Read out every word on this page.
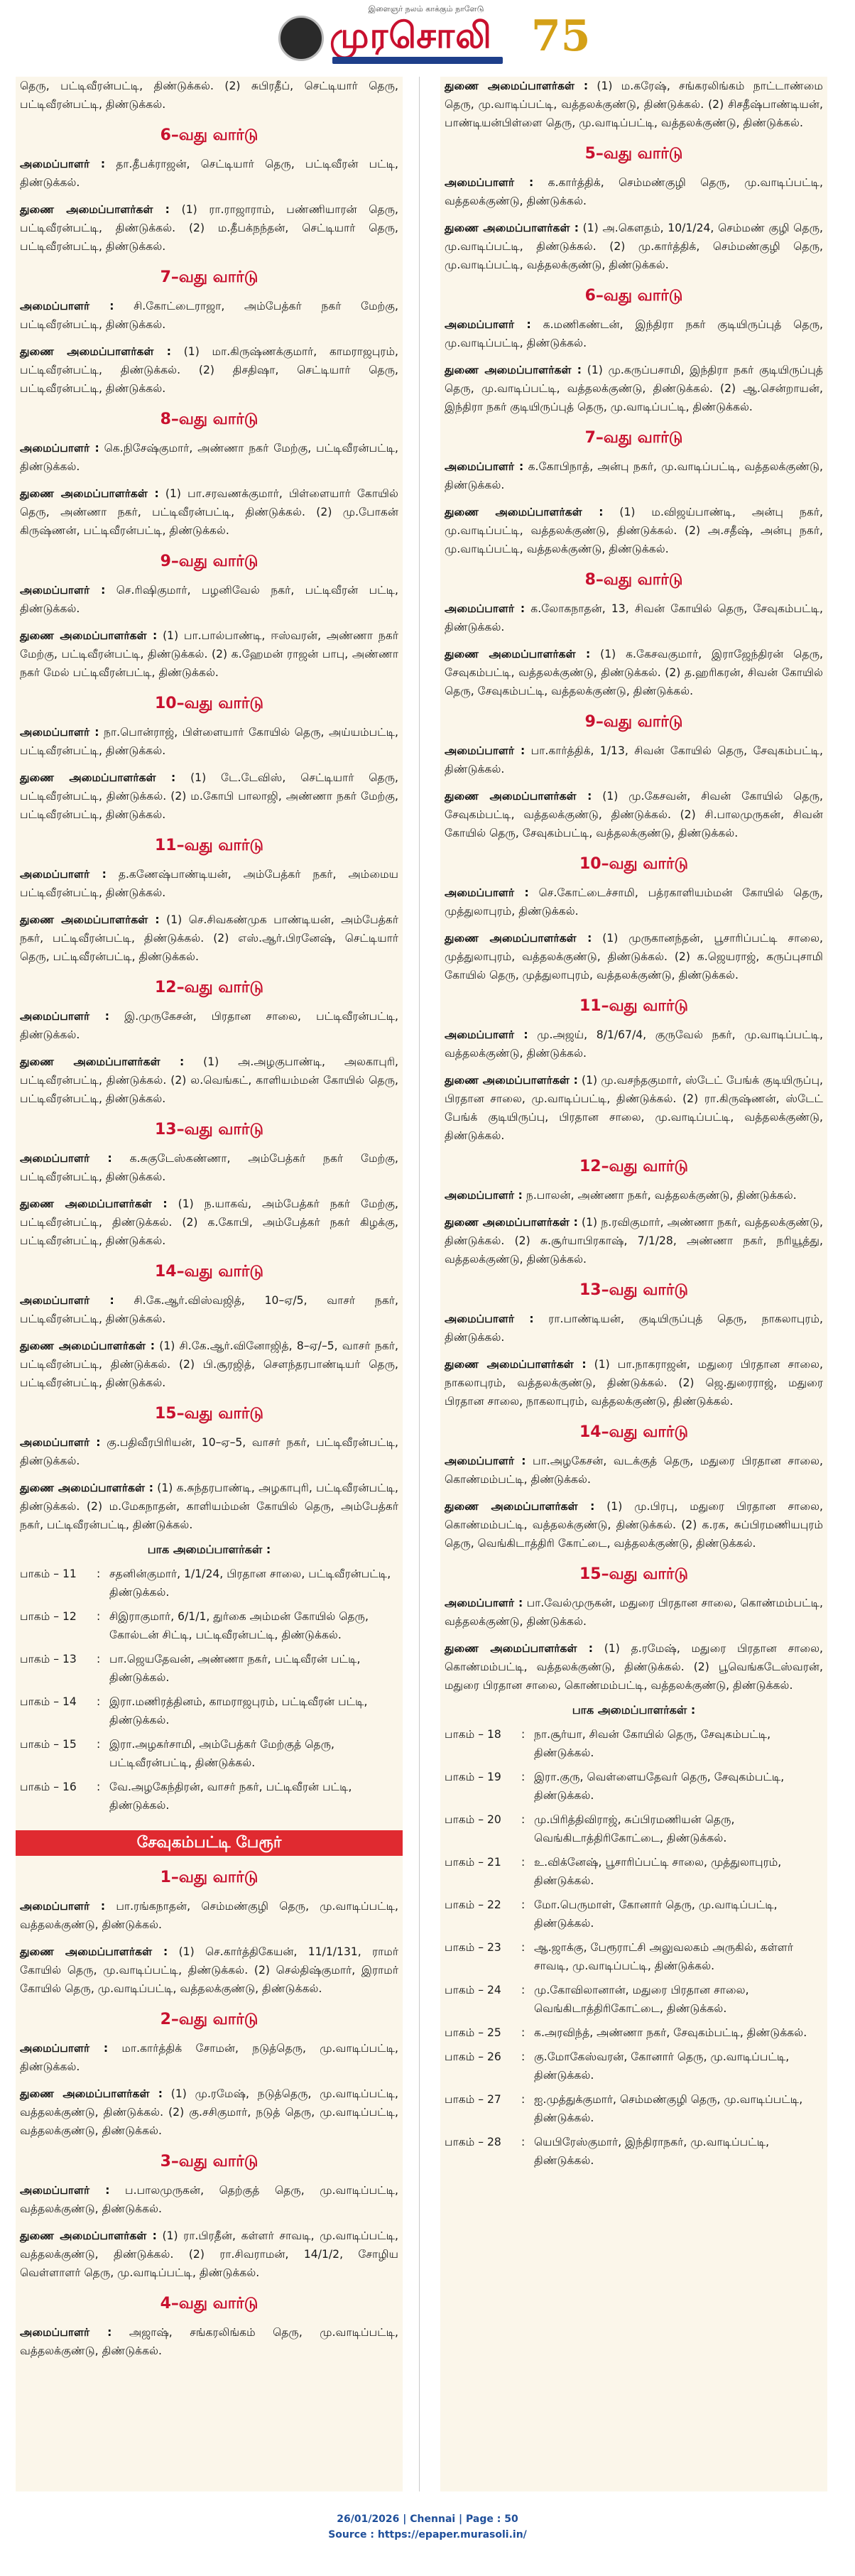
இளைஞர் நலம் காக்கும் நாளேடு
முரசொலி 75

தெரு, பட்டிவீரன்பட்டி, திண்டுக்கல். (2) சுபிரதீப், செட்டியார் தெரு, பட்டிவீரன்பட்டி, திண்டுக்கல்.

6–வது வார்டு

அமைப்பாளர் : தா.தீபக்ராஜன், செட்டியார் தெரு, பட்டிவீரன் பட்டி, திண்டுக்கல்.

துணை அமைப்பாளர்கள் : (1) ரா.ராஜாராம், பண்ணியாரன் தெரு, பட்டிவீரன்பட்டி, திண்டுக்கல். (2) ம.தீபக்நந்தன், செட்டியார் தெரு, பட்டிவீரன்பட்டி, திண்டுக்கல்.

7–வது வார்டு

அமைப்பாளர் : சி.கோட்டைராஜா, அம்பேத்கர் நகர் மேற்கு, பட்டிவீரன்பட்டி, திண்டுக்கல்.

துணை அமைப்பாளர்கள் : (1) மா.கிருஷ்ணக்குமார், காமராஜபுரம், பட்டிவீரன்பட்டி, திண்டுக்கல். (2) திசதிஷா, செட்டியார் தெரு, பட்டிவீரன்பட்டி, திண்டுக்கல்.

8–வது வார்டு

அமைப்பாளர் : கெ.நிசேஷ்குமார், அண்ணா நகர் மேற்கு, பட்டிவீரன்பட்டி, திண்டுக்கல்.

துணை அமைப்பாளர்கள் : (1) பா.சரவணக்குமார், பிள்ளையார் கோயில் தெரு, அண்ணா நகர், பட்டிவீரன்பட்டி, திண்டுக்கல். (2) மு.போகன் கிருஷ்ணன், பட்டிவீரன்பட்டி, திண்டுக்கல்.

9–வது வார்டு

அமைப்பாளர் : செ.ரிஷிகுமார், பழனிவேல் நகர், பட்டிவீரன் பட்டி, திண்டுக்கல்.

துணை அமைப்பாளர்கள் : (1) பா.பால்பாண்டி, ஈஸ்வரன், அண்ணா நகர் மேற்கு, பட்டிவீரன்பட்டி, திண்டுக்கல். (2) க.ஹேமன் ராஜன் பாபு, அண்ணா நகர் மேல் பட்டிவீரன்பட்டி, திண்டுக்கல்.

10–வது வார்டு

அமைப்பாளர் : நா.பொன்ராஜ், பிள்ளையார் கோயில் தெரு, அய்யம்பட்டி, பட்டிவீரன்பட்டி, திண்டுக்கல்.

துணை அமைப்பாளர்கள் : (1) டே.டேவிஸ், செட்டியார் தெரு, பட்டிவீரன்பட்டி, திண்டுக்கல். (2) ம.கோபி பாலாஜி, அண்ணா நகர் மேற்கு, பட்டிவீரன்பட்டி, திண்டுக்கல்.

11–வது வார்டு

அமைப்பாளர் : த.கணேஷ்பாண்டியன், அம்பேத்கர் நகர், அம்மைய பட்டிவீரன்பட்டி, திண்டுக்கல்.

துணை அமைப்பாளர்கள் : (1) செ.சிவகண்முக பாண்டியன், அம்பேத்கர் நகர், பட்டிவீரன்பட்டி, திண்டுக்கல். (2) எஸ்.ஆர்.பிரனேஷ், செட்டியார் தெரு, பட்டிவீரன்பட்டி, திண்டுக்கல்.

12–வது வார்டு

அமைப்பாளர் : இ.முருகேசன், பிரதான சாலை, பட்டிவீரன்பட்டி, திண்டுக்கல்.

துணை அமைப்பாளர்கள் : (1) அ.அழகுபாண்டி, அலகாபுரி, பட்டிவீரன்பட்டி, திண்டுக்கல். (2) ல.வெங்கட், காளியம்மன் கோயில் தெரு, பட்டிவீரன்பட்டி, திண்டுக்கல்.

13–வது வார்டு

அமைப்பாளர் : க.சுகுடேஸ்கண்ணா, அம்பேத்கர் நகர் மேற்கு, பட்டிவீரன்பட்டி, திண்டுக்கல்.

துணை அமைப்பாளர்கள் : (1) ந.யாகவ், அம்பேத்கர் நகர் மேற்கு, பட்டிவீரன்பட்டி, திண்டுக்கல். (2) க.கோபி, அம்பேத்கர் நகர் கிழக்கு, பட்டிவீரன்பட்டி, திண்டுக்கல்.

14–வது வார்டு

அமைப்பாளர் : சி.கே.ஆர்.விஸ்வஜித், 10–ஏ/5, வாசர் நகர், பட்டிவீரன்பட்டி, திண்டுக்கல்.

துணை அமைப்பாளர்கள் : (1) சி.கே.ஆர்.வினோஜித், 8–ஏ/–5, வாசர் நகர், பட்டிவீரன்பட்டி, திண்டுக்கல். (2) பி.சூரஜித், சௌந்தரபாண்டியர் தெரு, பட்டிவீரன்பட்டி, திண்டுக்கல்.

15–வது வார்டு

அமைப்பாளர் : கு.பதிவீரபிரியன், 10–ஏ–5, வாசர் நகர், பட்டிவீரன்பட்டி, திண்டுக்கல்.

துணை அமைப்பாளர்கள் : (1) க.சுந்தரபாண்டி, அழகாபுரி, பட்டிவீரன்பட்டி, திண்டுக்கல். (2) ம.மேகநாதன், காளியம்மன் கோயில் தெரு, அம்பேத்கர் நகர், பட்டிவீரன்பட்டி, திண்டுக்கல்.

பாக அமைப்பாளர்கள் :
பாகம் – 11	:	சதனின்குமார், 1/1/24, பிரதான சாலை, பட்டிவீரன்பட்டி, திண்டுக்கல்.
பாகம் – 12	:	சிஇராகுமார், 6/1/1, துர்கை அம்மன் கோயில் தெரு, கோல்டன் சிட்டி, பட்டிவீரன்பட்டி, திண்டுக்கல்.
பாகம் – 13	:	பா.ஜெயதேவன், அண்ணா நகர், பட்டிவீரன் பட்டி, திண்டுக்கல்.
பாகம் – 14	:	இரா.மணிரத்தினம், காமராஜபுரம், பட்டிவீரன் பட்டி, திண்டுக்கல்.
பாகம் – 15	:	இரா.அழகர்சாமி, அம்பேத்கர் மேற்குத் தெரு, பட்டிவீரன்பட்டி, திண்டுக்கல்.
பாகம் – 16	:	வே.அழகேந்திரன், வாசர் நகர், பட்டிவீரன் பட்டி, திண்டுக்கல்.
சேவுகம்பட்டி பேரூர்
1–வது வார்டு

அமைப்பாளர் : பா.ரங்கநாதன், செம்மண்குழி தெரு, மு.வாடிப்பட்டி, வத்தலக்குண்டு, திண்டுக்கல்.

துணை அமைப்பாளர்கள் : (1) செ.கார்த்திகேயன், 11/1/131, ராமர் கோயில் தெரு, மு.வாடிப்பட்டி, திண்டுக்கல். (2) செல்திஷ்குமார், இராமர் கோயில் தெரு, மு.வாடிப்பட்டி, வத்தலக்குண்டு, திண்டுக்கல்.

2–வது வார்டு

அமைப்பாளர் : மா.கார்த்திக் சோமன், நடுத்தெரு, மு.வாடிப்பட்டி, திண்டுக்கல்.

துணை அமைப்பாளர்கள் : (1) மு.ரமேஷ், நடுத்தெரு, மு.வாடிப்பட்டி, வத்தலக்குண்டு, திண்டுக்கல். (2) கு.சசிகுமார், நடுத் தெரு, மு.வாடிப்பட்டி, வத்தலக்குண்டு, திண்டுக்கல்.

3–வது வார்டு

அமைப்பாளர் : ப.பாலமுருகன், தெற்குத் தெரு, மு.வாடிப்பட்டி, வத்தலக்குண்டு, திண்டுக்கல்.

துணை அமைப்பாளர்கள் : (1) ரா.பிரதீன், கள்ளர் சாவடி, மு.வாடிப்பட்டி, வத்தலக்குண்டு, திண்டுக்கல். (2) ரா.சிவராமன், 14/1/2, சோழிய வெள்ளாளர் தெரு, மு.வாடிப்பட்டி, திண்டுக்கல்.

4–வது வார்டு

அமைப்பாளர் : அஜாஷ், சங்கரலிங்கம் தெரு, மு.வாடிப்பட்டி, வத்தலக்குண்டு, திண்டுக்கல்.

துணை அமைப்பாளர்கள் : (1) ம.கரேஷ், சங்கரலிங்கம் நாட்டாண்மை தெரு, மு.வாடிப்பட்டி, வத்தலக்குண்டு, திண்டுக்கல். (2) சிசதீஷ்பாண்டியன், பாண்டியன்பிள்ளை தெரு, மு.வாடிப்பட்டி, வத்தலக்குண்டு, திண்டுக்கல்.

5–வது வார்டு

அமைப்பாளர் : க.கார்த்திக், செம்மண்குழி தெரு, மு.வாடிப்பட்டி, வத்தலக்குண்டு, திண்டுக்கல்.

துணை அமைப்பாளர்கள் : (1) அ.கௌதம், 10/1/24, செம்மண் குழி தெரு, மு.வாடிப்பட்டி, திண்டுக்கல். (2) மு.கார்த்திக், செம்மண்குழி தெரு, மு.வாடிப்பட்டி, வத்தலக்குண்டு, திண்டுக்கல்.

6–வது வார்டு

அமைப்பாளர் : க.மணிகண்டன், இந்திரா நகர் குடியிருப்புத் தெரு, மு.வாடிப்பட்டி, திண்டுக்கல்.

துணை அமைப்பாளர்கள் : (1) மு.கருப்பசாமி, இந்திரா நகர் குடியிருப்புத் தெரு, மு.வாடிப்பட்டி, வத்தலக்குண்டு, திண்டுக்கல். (2) ஆ.சென்றாயன், இந்திரா நகர் குடியிருப்புத் தெரு, மு.வாடிப்பட்டி, திண்டுக்கல்.

7–வது வார்டு

அமைப்பாளர் : க.கோபிநாத், அன்பு நகர், மு.வாடிப்பட்டி, வத்தலக்குண்டு, திண்டுக்கல்.

துணை அமைப்பாளர்கள் : (1) ம.விஜய்பாண்டி, அன்பு நகர், மு.வாடிப்பட்டி, வத்தலக்குண்டு, திண்டுக்கல். (2) அ.சதீஷ், அன்பு நகர், மு.வாடிப்பட்டி, வத்தலக்குண்டு, திண்டுக்கல்.

8–வது வார்டு

அமைப்பாளர் : க.லோகநாதன், 13, சிவன் கோயில் தெரு, சேவுகம்பட்டி, திண்டுக்கல்.

துணை அமைப்பாளர்கள் : (1) க.கேசவகுமார், இராஜேந்திரன் தெரு, சேவுகம்பட்டி, வத்தலக்குண்டு, திண்டுக்கல். (2) த.ஹரிகரன், சிவன் கோயில் தெரு, சேவுகம்பட்டி, வத்தலக்குண்டு, திண்டுக்கல்.

9–வது வார்டு

அமைப்பாளர் : பா.கார்த்திக், 1/13, சிவன் கோயில் தெரு, சேவுகம்பட்டி, திண்டுக்கல்.

துணை அமைப்பாளர்கள் : (1) மு.கேசவன், சிவன் கோயில் தெரு, சேவுகம்பட்டி, வத்தலக்குண்டு, திண்டுக்கல். (2) சி.பாலமுருகன், சிவன் கோயில் தெரு, சேவுகம்பட்டி, வத்தலக்குண்டு, திண்டுக்கல்.

10–வது வார்டு

அமைப்பாளர் : செ.கோட்டைச்சாமி, பத்ரகாளியம்மன் கோயில் தெரு, முத்துலாபுரம், திண்டுக்கல்.

துணை அமைப்பாளர்கள் : (1) முருகானந்தன், பூசாரிப்பட்டி சாலை, முத்துலாபுரம், வத்தலக்குண்டு, திண்டுக்கல். (2) க.ஜெயராஜ், கருப்புசாமி கோயில் தெரு, முத்துலாபுரம், வத்தலக்குண்டு, திண்டுக்கல்.

11–வது வார்டு

அமைப்பாளர் : மு.அஜய், 8/1/67/4, குருவேல் நகர், மு.வாடிப்பட்டி, வத்தலக்குண்டு, திண்டுக்கல்.

துணை அமைப்பாளர்கள் : (1) மு.வசந்தகுமார், ஸ்டேட் பேங்க் குடியிருப்பு, பிரதான சாலை, மு.வாடிப்பட்டி, திண்டுக்கல். (2) ரா.கிருஷ்ணன், ஸ்டேட் பேங்க் குடியிருப்பு, பிரதான சாலை, மு.வாடிப்பட்டி, வத்தலக்குண்டு, திண்டுக்கல்.

12–வது வார்டு

அமைப்பாளர் : ந.பாலன், அண்ணா நகர், வத்தலக்குண்டு, திண்டுக்கல்.

துணை அமைப்பாளர்கள் : (1) ந.ரவிகுமார், அண்ணா நகர், வத்தலக்குண்டு, திண்டுக்கல். (2) சு.சூர்யாபிரகாஷ், 7/1/28, அண்ணா நகர், நரியூத்து, வத்தலக்குண்டு, திண்டுக்கல்.

13–வது வார்டு

அமைப்பாளர் : ரா.பாண்டியன், குடியிருப்புத் தெரு, நாகலாபுரம், திண்டுக்கல்.

துணை அமைப்பாளர்கள் : (1) பா.நாகராஜன், மதுரை பிரதான சாலை, நாகலாபுரம், வத்தலக்குண்டு, திண்டுக்கல். (2) ஜெ.துரைராஜ், மதுரை பிரதான சாலை, நாகலாபுரம், வத்தலக்குண்டு, திண்டுக்கல்.

14–வது வார்டு

அமைப்பாளர் : பா.அழகேசன், வடக்குத் தெரு, மதுரை பிரதான சாலை, கொண்மம்பட்டி, திண்டுக்கல்.

துணை அமைப்பாளர்கள் : (1) மு.பிரபு, மதுரை பிரதான சாலை, கொண்மம்பட்டி, வத்தலக்குண்டு, திண்டுக்கல். (2) க.ரக, சுப்பிரமணியபுரம் தெரு, வெங்கிடாத்திரி கோட்டை, வத்தலக்குண்டு, திண்டுக்கல்.

15–வது வார்டு

அமைப்பாளர் : பா.வேல்முருகன், மதுரை பிரதான சாலை, கொண்மம்பட்டி, வத்தலக்குண்டு, திண்டுக்கல்.

துணை அமைப்பாளர்கள் : (1) த.ரமேஷ், மதுரை பிரதான சாலை, கொண்மம்பட்டி, வத்தலக்குண்டு, திண்டுக்கல். (2) பூவெங்கடேஸ்வரன், மதுரை பிரதான சாலை, கொண்மம்பட்டி, வத்தலக்குண்டு, திண்டுக்கல்.

பாக அமைப்பாளர்கள் :
பாகம் – 18	:	நா.சூர்யா, சிவன் கோயில் தெரு, சேவுகம்பட்டி, திண்டுக்கல்.
பாகம் – 19	:	இரா.குரு, வெள்ளையதேவர் தெரு, சேவுகம்பட்டி, திண்டுக்கல்.
பாகம் – 20	:	மு.பிரித்திவிராஜ், சுப்பிரமணியன் தெரு, வெங்கிடாத்திரிகோட்டை, திண்டுக்கல்.
பாகம் – 21	:	உ.விக்னேஷ், பூசாரிப்பட்டி சாலை, முத்துலாபுரம், திண்டுக்கல்.
பாகம் – 22	:	மோ.பெருமாள், கோனார் தெரு, மு.வாடிப்பட்டி, திண்டுக்கல்.
பாகம் – 23	:	ஆ.ஜாக்கு, பேரூராட்சி அலுவலகம் அருகில், கள்ளர் சாவடி, மு.வாடிப்பட்டி, திண்டுக்கல்.
பாகம் – 24	:	மு.கோவிலானான், மதுரை பிரதான சாலை, வெங்கிடாத்திரிகோட்டை, திண்டுக்கல்.
பாகம் – 25	:	க.அரவிந்த், அண்ணா நகர், சேவுகம்பட்டி, திண்டுக்கல்.
பாகம் – 26	:	கு.மோகேஸ்வரன், கோனார் தெரு, மு.வாடிப்பட்டி, திண்டுக்கல்.
பாகம் – 27	:	ஐ.முத்துக்குமார், செம்மண்குழி தெரு, மு.வாடிப்பட்டி, திண்டுக்கல்.
பாகம் – 28	:	யெபிரேஸ்குமார், இந்திராநகர், மு.வாடிப்பட்டி, திண்டுக்கல்.
26/01/2026 | Chennai | Page : 50
Source : https://epaper.murasoli.in/
